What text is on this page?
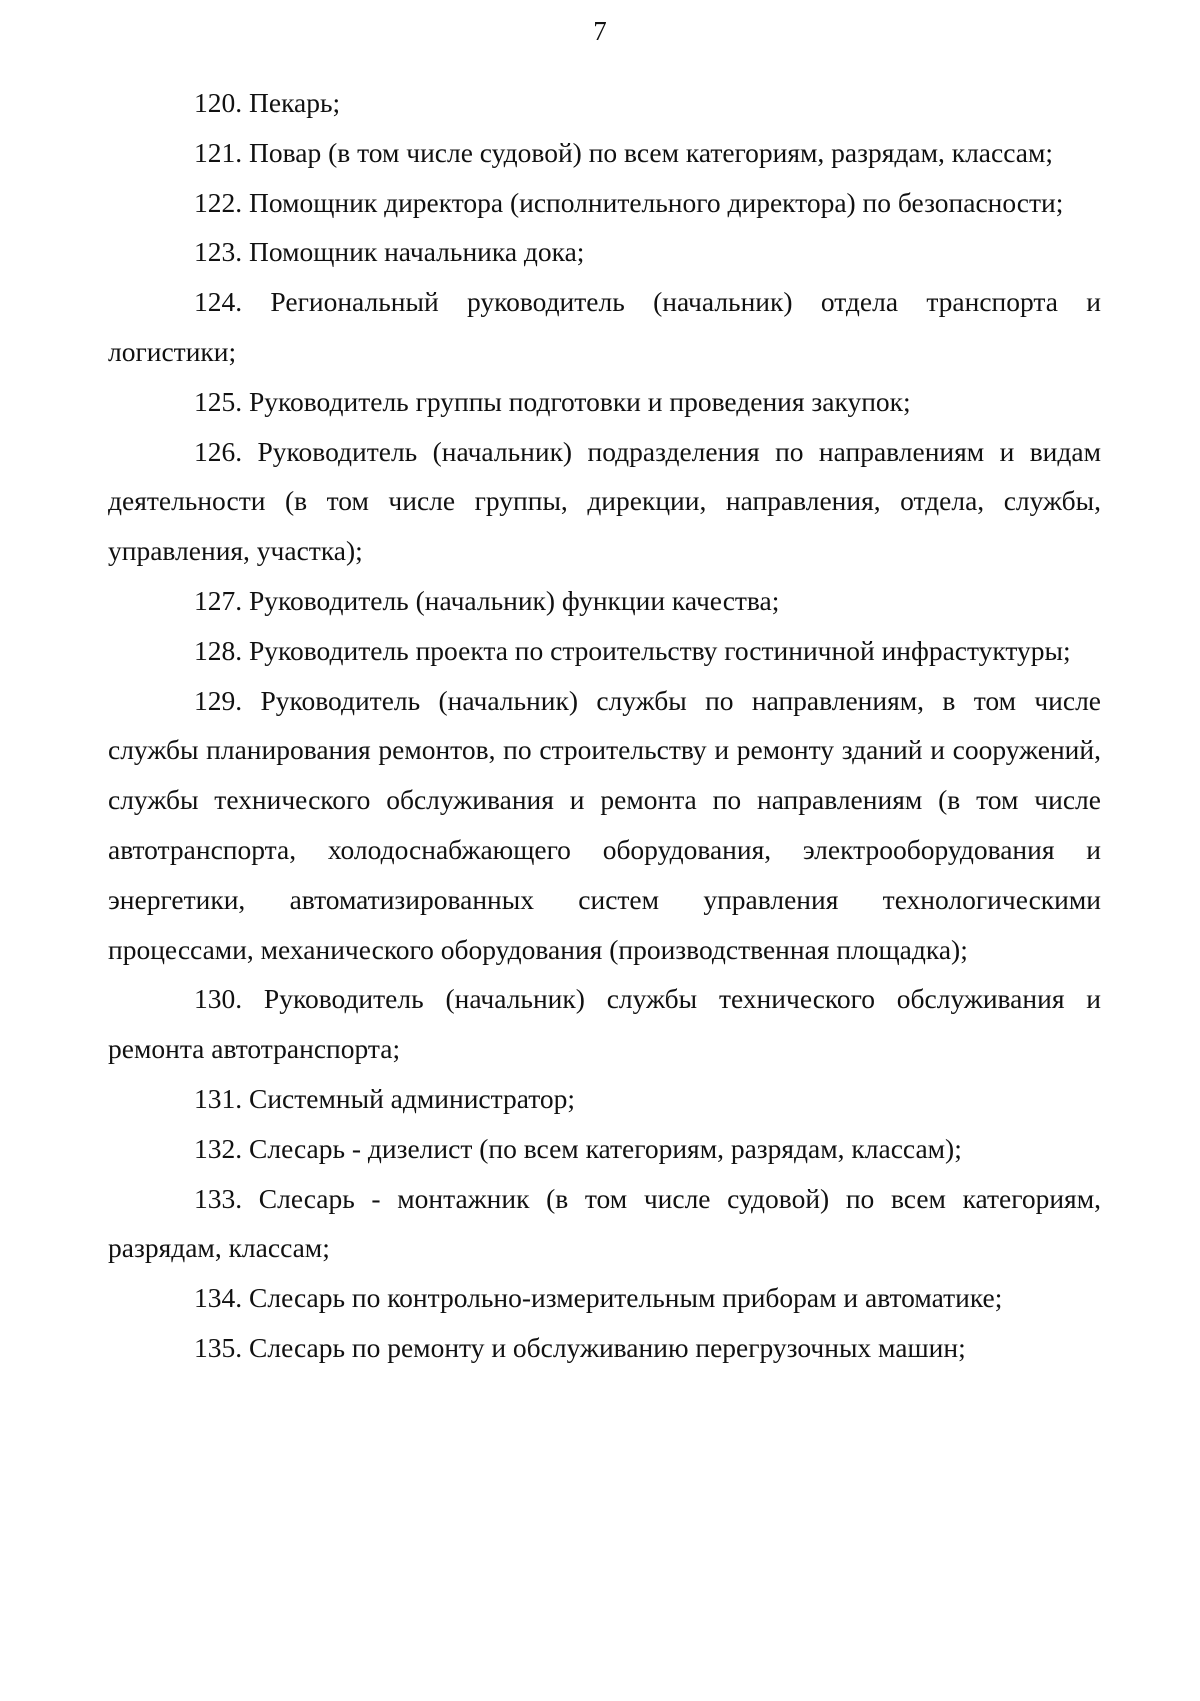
7

120. Пекарь;

121. Повар (в том числе судовой) по всем категориям, разрядам, классам;

122. Помощник директора (исполнительного директора) по безопасности;

123. Помощник начальника дока;

124. Региональный руководитель (начальник) отдела транспорта и логистики;

125. Руководитель группы подготовки и проведения закупок;

126. Руководитель (начальник) подразделения по направлениям и видам деятельности (в том числе группы, дирекции, направления, отдела, службы, управления, участка);

127. Руководитель (начальник) функции качества;

128. Руководитель проекта по строительству гостиничной инфрастуктуры;

129. Руководитель (начальник) службы по направлениям, в том числе службы планирования ремонтов, по строительству и ремонту зданий и сооружений, службы технического обслуживания и ремонта по направлениям (в том числе автотранспорта, холодоснабжающего оборудования, электрооборудования и энергетики, автоматизированных систем управления технологическими процессами, механического оборудования (производственная площадка);

130. Руководитель (начальник) службы технического обслуживания и ремонта автотранспорта;

131. Системный администратор;

132. Слесарь - дизелист (по всем категориям, разрядам, классам);

133. Слесарь - монтажник (в том числе судовой) по всем категориям, разрядам, классам;

134. Слесарь по контрольно-измерительным приборам и автоматике;

135. Слесарь по ремонту и обслуживанию перегрузочных машин;
